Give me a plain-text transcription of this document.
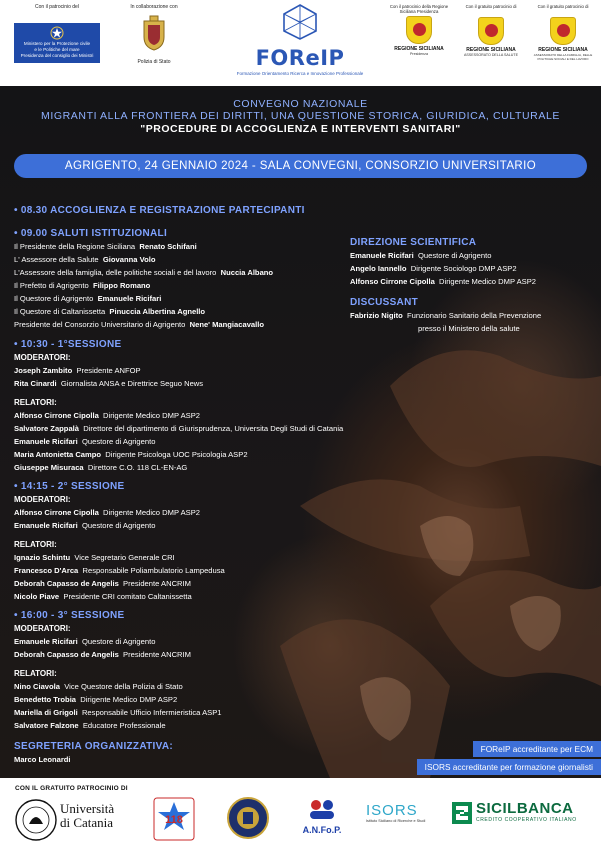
Con il patrocinio del
Ministero per la Protezione civile
e le Politiche del mare
Presidenza del consiglio dei Ministri
In collaborazione con
Polizia di Stato	FOReIP
Formazione Orientamento Ricerca e Innovazione Professionale
Con il patrocinio della Regione Siciliana Presidenza
REGIONE SICILIANA
Presidenza
Con il gratuito patrocinio di
REGIONE SICILIANA
ASSESSORATO DELLA SALUTE
Con il gratuito patrocinio di
REGIONE SICILIANA
ASSESSORATO DELLA FAMIGLIA, DELLE POLITICHE SOCIALI E DEL LAVORO
CONVEGNO NAZIONALE
MIGRANTI ALLA FRONTIERA DEI DIRITTI, UNA QUESTIONE STORICA, GIURIDICA, CULTURALE
"PROCEDURE DI ACCOGLIENZA E INTERVENTI SANITARI"
AGRIGENTO, 24 GENNAIO 2024 - SALA CONVEGNI, CONSORZIO UNIVERSITARIO
• 08.30 ACCOGLIENZA E REGISTRAZIONE PARTECIPANTI
• 09.00 SALUTI ISTITUZIONALI
Il Presidente della Regione Siciliana Renato Schifani
L' Assessore della Salute Giovanna Volo
L'Assessore della famiglia, delle politiche sociali e del lavoro Nuccia Albano
Il Prefetto di Agrigento Filippo Romano
Il Questore di Agrigento Emanuele Ricifari
Il Questore di Caltanissetta Pinuccia Albertina Agnello
Presidente del Consorzio Universitario di Agrigento Nene' Mangiacavallo
• 10:30 - 1°SESSIONE
MODERATORI:
Joseph Zambito Presidente ANFOP
Rita Cinardi Giornalista ANSA e Direttrice Seguo News
RELATORI:
Alfonso Cirrone Cipolla Dirigente Medico DMP ASP2
Salvatore Zappalà Direttore del dipartimento di Giurisprudenza, Universita Degli Studi di Catania
Emanuele Ricifari Questore di Agrigento
Maria Antonietta Campo Dirigente Psicologa UOC Psicologia ASP2
Giuseppe Misuraca Direttore C.O. 118 CL-EN-AG
• 14:15 - 2° SESSIONE
MODERATORI:
Alfonso Cirrone Cipolla Dirigente Medico DMP ASP2
Emanuele Ricifari Questore di Agrigento
RELATORI:
Ignazio Schintu Vice Segretario Generale CRI
Francesco D'Arca Responsabile Poliambulatorio Lampedusa
Deborah Capasso de Angelis Presidente ANCRIM
Nicolo Piave Presidente CRI comitato Caltanissetta
• 16:00 - 3° SESSIONE
MODERATORI:
Emanuele Ricifari Questore di Agrigento
Deborah Capasso de Angelis Presidente ANCRIM
RELATORI:
Nino Ciavola Vice Questore della Polizia di Stato
Benedetto Trobia Dirigente Medico DMP ASP2
Mariella di Grigoli Responsabile Ufficio Infermieristica ASP1
Salvatore Falzone Educatore Professionale
SEGRETERIA ORGANIZZATIVA:
Marco Leonardi
DIREZIONE SCIENTIFICA
Emanuele Ricifari Questore di Agrigento
Angelo Iannello Dirigente Sociologo DMP ASP2
Alfonso Cirrone Cipolla Dirigente Medico DMP ASP2
DISCUSSANT
Fabrizio Nigito Funzionario Sanitario della Prevenzione
presso il Ministero della salute
FOReIP accreditante per ECM
ISORS accreditante per formazione giornalisti
CON IL GRATUITO PATROCINIO DI
Università
di Catania	118
A.N.Fo.P.
ISORS
Istituto Siciliano di Ricerche e Studi
SICILBANCA
CREDITO COOPERATIVO ITALIANO
